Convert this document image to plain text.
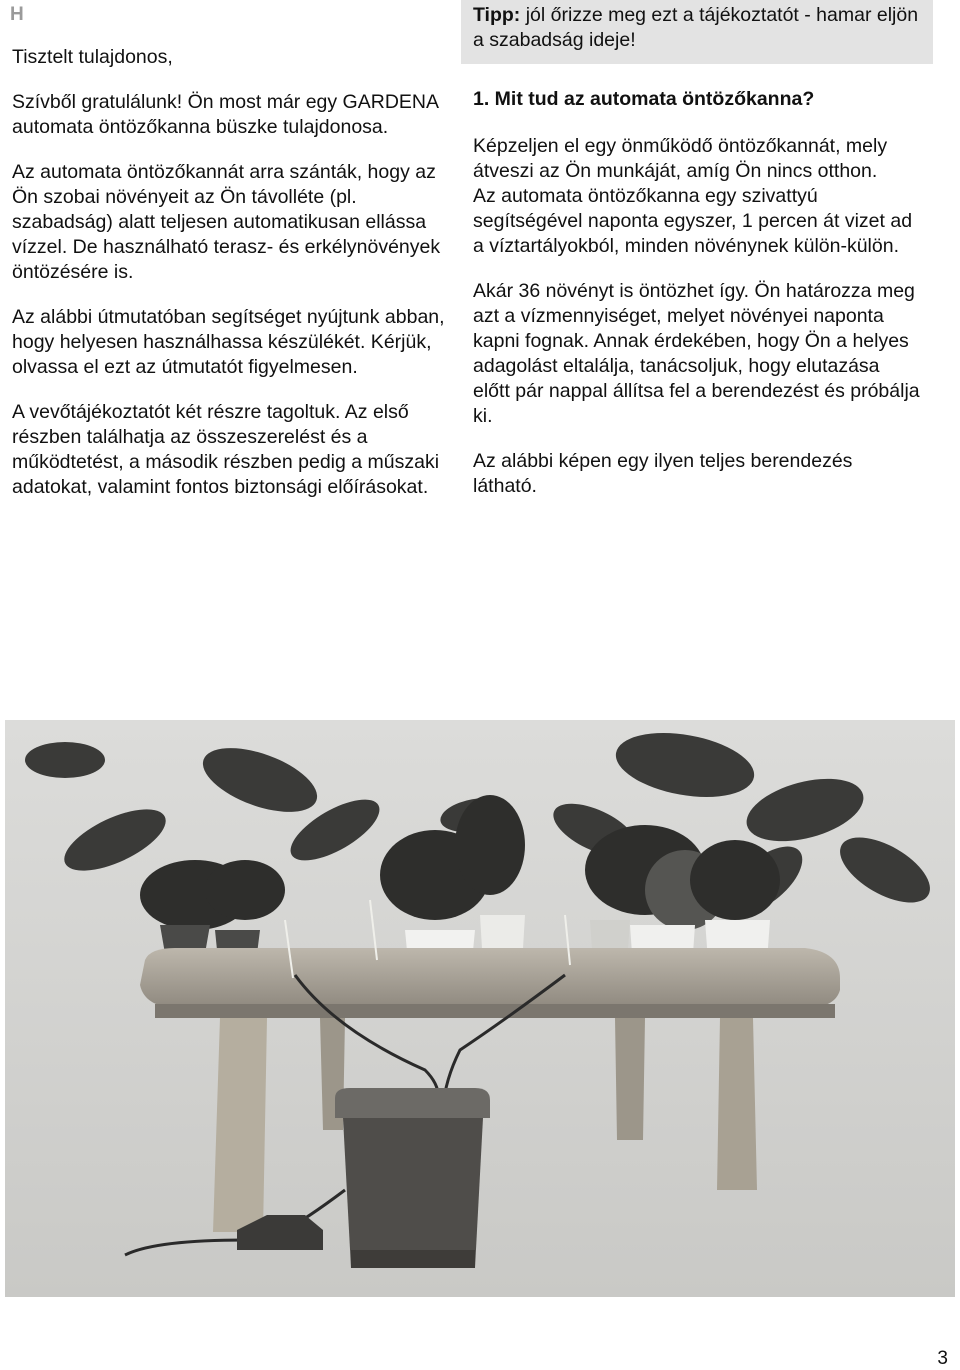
H

Tisztelt tulajdonos,

Szívből gratulálunk! Ön most már egy GARDENA automata öntözőkanna büszke tulajdonosa.

Az automata öntözőkannát arra szánták, hogy az Ön szobai növényeit az Ön távolléte (pl. szabadság) alatt teljesen automatikusan ellássa vízzel. De használható terasz- és erkélynövények öntözésére is.

Az alábbi útmutatóban segítséget nyújtunk abban, hogy helyesen használhassa készülékét. Kérjük, olvassa el ezt az útmutatót figyelmesen.

A vevőtájékoztatót két részre tagoltuk. Az első részben találhatja az összeszerelést és a működtetést, a második részben pedig a műszaki adatokat, valamint fontos biztonsági előírásokat.

Tipp: jól őrizze meg ezt a tájékoztatót - hamar eljön a szabadság ideje!
1. Mit tud az automata öntözőkanna?

Képzeljen el egy önműködő öntözőkannát, mely átveszi az Ön munkáját, amíg Ön nincs otthon.

Az automata öntözőkanna egy szivattyú segítségével naponta egyszer, 1 percen át vizet ad a víztartályokból, minden növénynek külön-külön.

Akár 36 növényt is öntözhet így. Ön határozza meg azt a vízmennyiséget, melyet növényei naponta kapni fognak. Annak érdekében, hogy Ön a helyes adagolást eltalálja, tanácsoljuk, hogy elutazása előtt pár nappal állítsa fel a berendezést és próbálja ki.

Az alábbi képen egy ilyen teljes berendezés látható.

3
